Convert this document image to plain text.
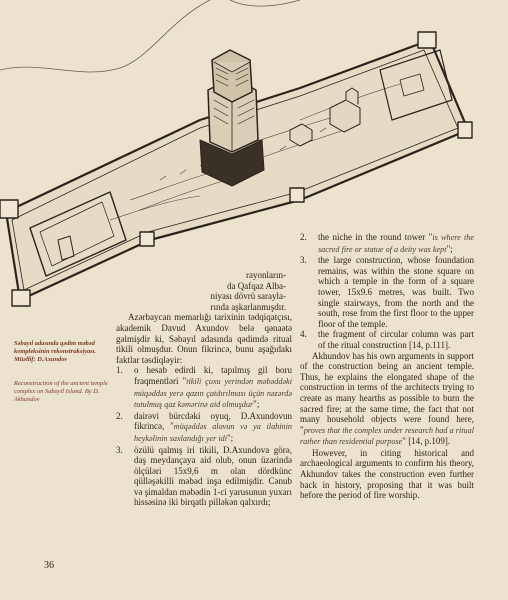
Səbayıl adasında qədim məbəd kompleksinin rekonstruksiyası. Müəllif: D.Axundov
Reconstruction of the ancient temple complex on Sabayil Island. By D. Akhundov

rayonların-

da Qafqaz Alba-

niyası dövrü sarayla-

rında aşkarlanmışdır.

Azərbaycan memarlığı tarixinin tədqiqatçısı, akademik Davud Axundov belə qənaətə gəlmişdir ki, Səbayıl adasında qədimdə ritual tikili olmuşdur. Onun fikrincə, bunu aşağıdakı faktlar təsdiqləyir:

1.	o hesab edirdi ki, tapılmış gil boru fraqmentləri "tikili çoxu yerindən məbəddəki müqəddəs yerə qazın çatdırılması üçün nəzərdə tutulmuş qaz kəmərinə aid olmuşdur";
2.	dairəvi bürcdəki oyuq, D.Axundovun fikrincə, "müqəddəs alovun və ya ilahinin heykəlinin saxlandığı yer idi";
3.	özülü qalmış iri tikili, D.Axundova görə, daş meydançaya aid olub, onun üzərində ölçüləri 15x9,6 m olan dördkünc qülləşəkilli məbəd inşa edilmişdir. Cənub və şimaldan məbədin 1-ci yarusunun yuxarı hissəsinə iki birqatlı pilləkən qalxırdı;
2.	the niche in the round tower "is where the sacred fire or statue of a deity was kept";
3.	the large construction, whose foundation remains, was within the stone square on which a temple in the form of a square tower, 15x9.6 metres, was built. Two single stairways, from the north and the south, rose from the first floor to the upper floor of the temple.
4.	the fragment of circular column was part of the ritual construction [14, p.111].

Akhundov has his own arguments in support of the construction being an ancient temple. Thus, he explains the elongated shape of the construction in terms of the architects trying to create as many hearths as possible to burn the sacred fire; at the same time, the fact that not many household objects were found here, "proves that the complex under research had a ritual rather than residential purpose" [14, p.109].

However, in citing historical and archaeological arguments to confirm his theory, Akhundov takes the construction even further back in history, proposing that it was built before the period of fire worship.

36
